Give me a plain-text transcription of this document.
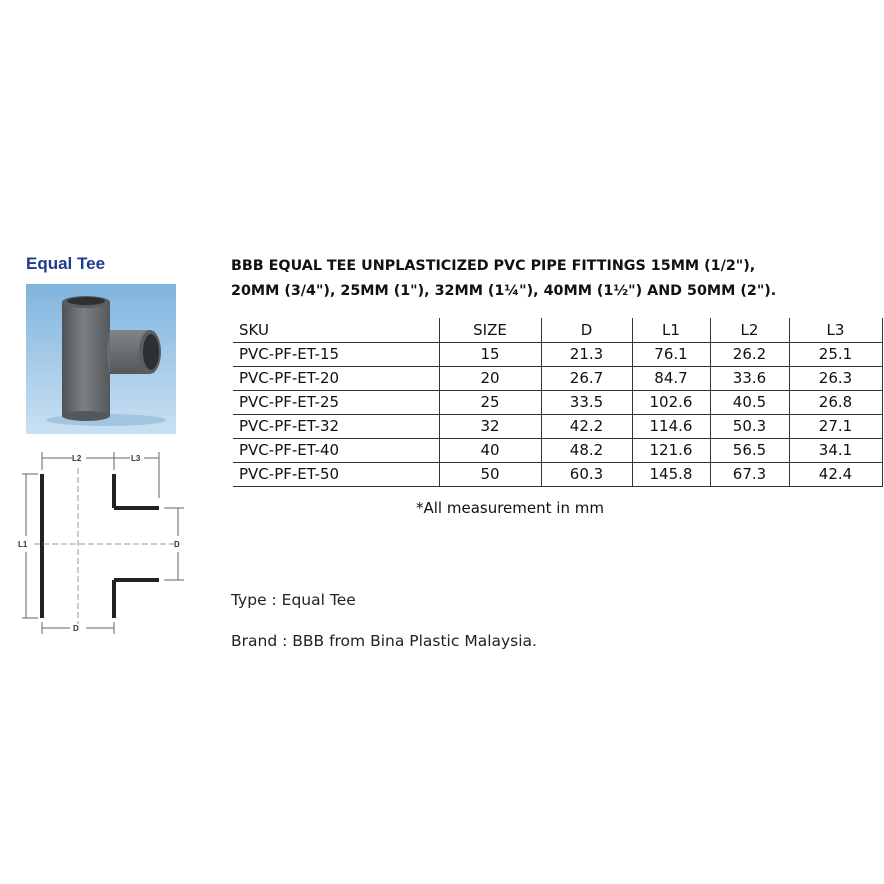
Equal Tee
L2	L3
L1	D
D
BBB EQUAL TEE UNPLASTICIZED PVC PIPE FITTINGS 15MM (1/2"),
20MM (3/4"), 25MM (1"), 32MM (1¼"), 40MM (1½") AND 50MM (2").
SKU	SIZE	D	L1	L2	L3
PVC-PF-ET-15	15	21.3	76.1	26.2	25.1
PVC-PF-ET-20	20	26.7	84.7	33.6	26.3
PVC-PF-ET-25	25	33.5	102.6	40.5	26.8
PVC-PF-ET-32	32	42.2	114.6	50.3	27.1
PVC-PF-ET-40	40	48.2	121.6	56.5	34.1
PVC-PF-ET-50	50	60.3	145.8	67.3	42.4
*All measurement in mm
Type : Equal Tee
Brand : BBB from Bina Plastic Malaysia.
